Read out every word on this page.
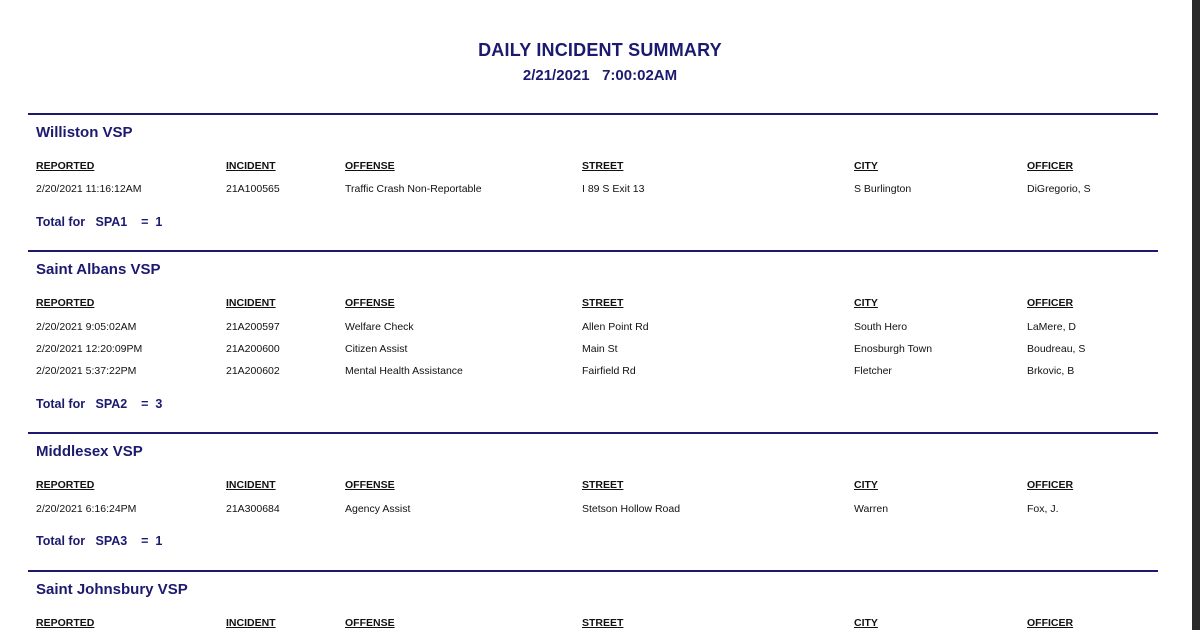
DAILY INCIDENT SUMMARY
2/21/2021   7:00:02AM
Williston VSP
REPORTED	INCIDENT	OFFENSE	STREET	CITY	OFFICER
2/20/2021 11:16:12AM	21A100565	Traffic Crash Non-Reportable	I 89 S Exit 13	S Burlington	DiGregorio, S
Total for   SPA1    =  1
Saint Albans VSP
REPORTED	INCIDENT	OFFENSE	STREET	CITY	OFFICER
2/20/2021 9:05:02AM	21A200597	Welfare Check	Allen Point Rd	South Hero	LaMere, D
2/20/2021 12:20:09PM	21A200600	Citizen Assist	Main St	Enosburgh Town	Boudreau, S
2/20/2021 5:37:22PM	21A200602	Mental Health Assistance	Fairfield Rd	Fletcher	Brkovic, B
Total for   SPA2    =  3
Middlesex VSP
REPORTED	INCIDENT	OFFENSE	STREET	CITY	OFFICER
2/20/2021 6:16:24PM	21A300684	Agency Assist	Stetson Hollow Road	Warren	Fox, J.
Total for   SPA3    =  1
Saint Johnsbury VSP
REPORTED	INCIDENT	OFFENSE	STREET	CITY	OFFICER
